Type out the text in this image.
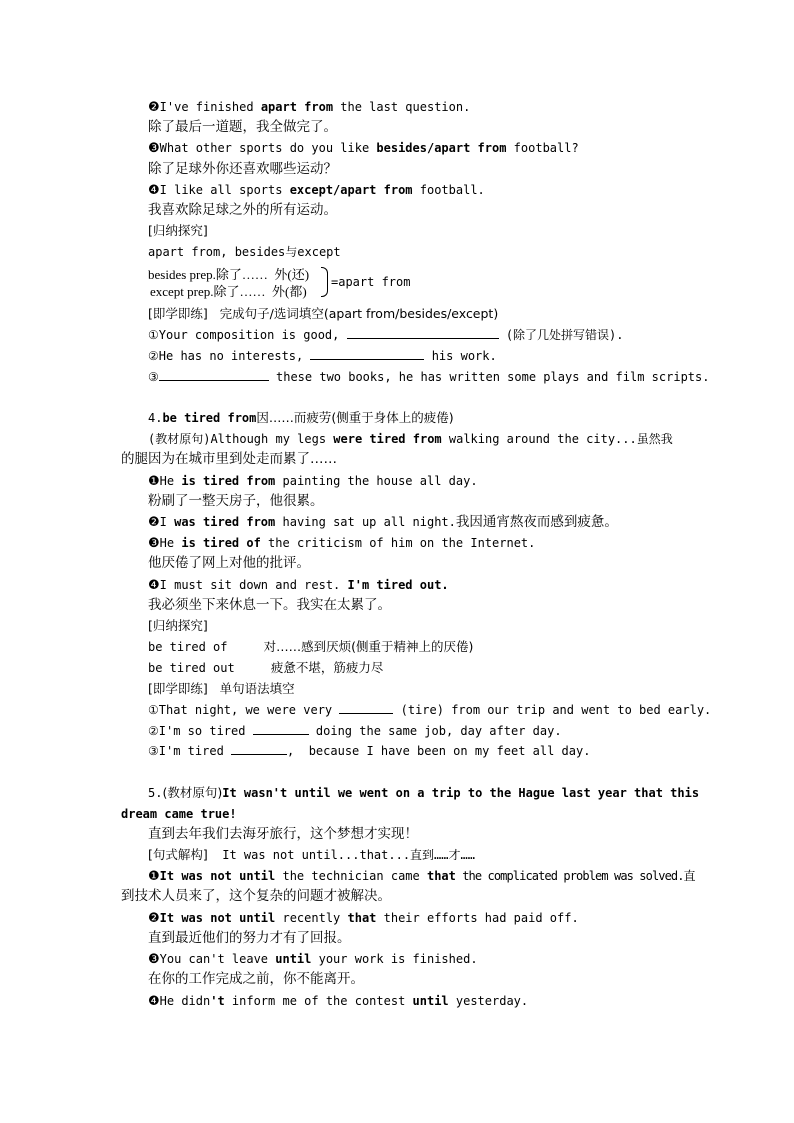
❷I've finished apart from the last question.
除了最后一道题，我全做完了。
❸What other sports do you like besides/apart from football?
除了足球外你还喜欢哪些运动？
❹I like all sports except/apart from football.
我喜欢除足球之外的所有运动。
[归纳探究]
apart from, besides与except
besides prep.除了……  外(还)
except prep.除了……  外(都)
=apart from
[即学即练]   完成句子/选词填空(apart from/besides/except)
①Your composition is good,	(除了几处拼写错误).
②He has no interests,	his work.
③	these two books, he has written some plays and film scripts.
4.be tired from因……而疲劳(侧重于身体上的疲倦)
(教材原句)Although my legs were tired from walking around the city...虽然我
的腿因为在城市里到处走而累了……
❶He is tired from painting the house all day.
粉刷了一整天房子，他很累。
❷I was tired from having sat up all night.我因通宵熬夜而感到疲惫。
❸He is tired of the criticism of him on the Internet.
他厌倦了网上对他的批评。
❹I must sit down and rest. I'm tired out.
我必须坐下来休息一下。我实在太累了。
[归纳探究]
be tired of     对……感到厌烦(侧重于精神上的厌倦)
be tired out     疲惫不堪，筋疲力尽
[即学即练]   单句语法填空
①That night, we were very	(tire) from our trip and went to bed early.
②I'm so tired	doing the same job, day after day.
③I'm tired	,  because I have been on my feet all day.
5.(教材原句)It wasn't until we went on a trip to the Hague last year that this
dream came true!
直到去年我们去海牙旅行，这个梦想才实现！
[句式解构]  It was not until...that...直到……才……
❶It was not until the technician came that the complicated problem was solved.直
到技术人员来了，这个复杂的问题才被解决。
❷It was not until recently that their efforts had paid off.
直到最近他们的努力才有了回报。
❸You can't leave until your work is finished.
在你的工作完成之前，你不能离开。
❹He didn't inform me of the contest until yesterday.
